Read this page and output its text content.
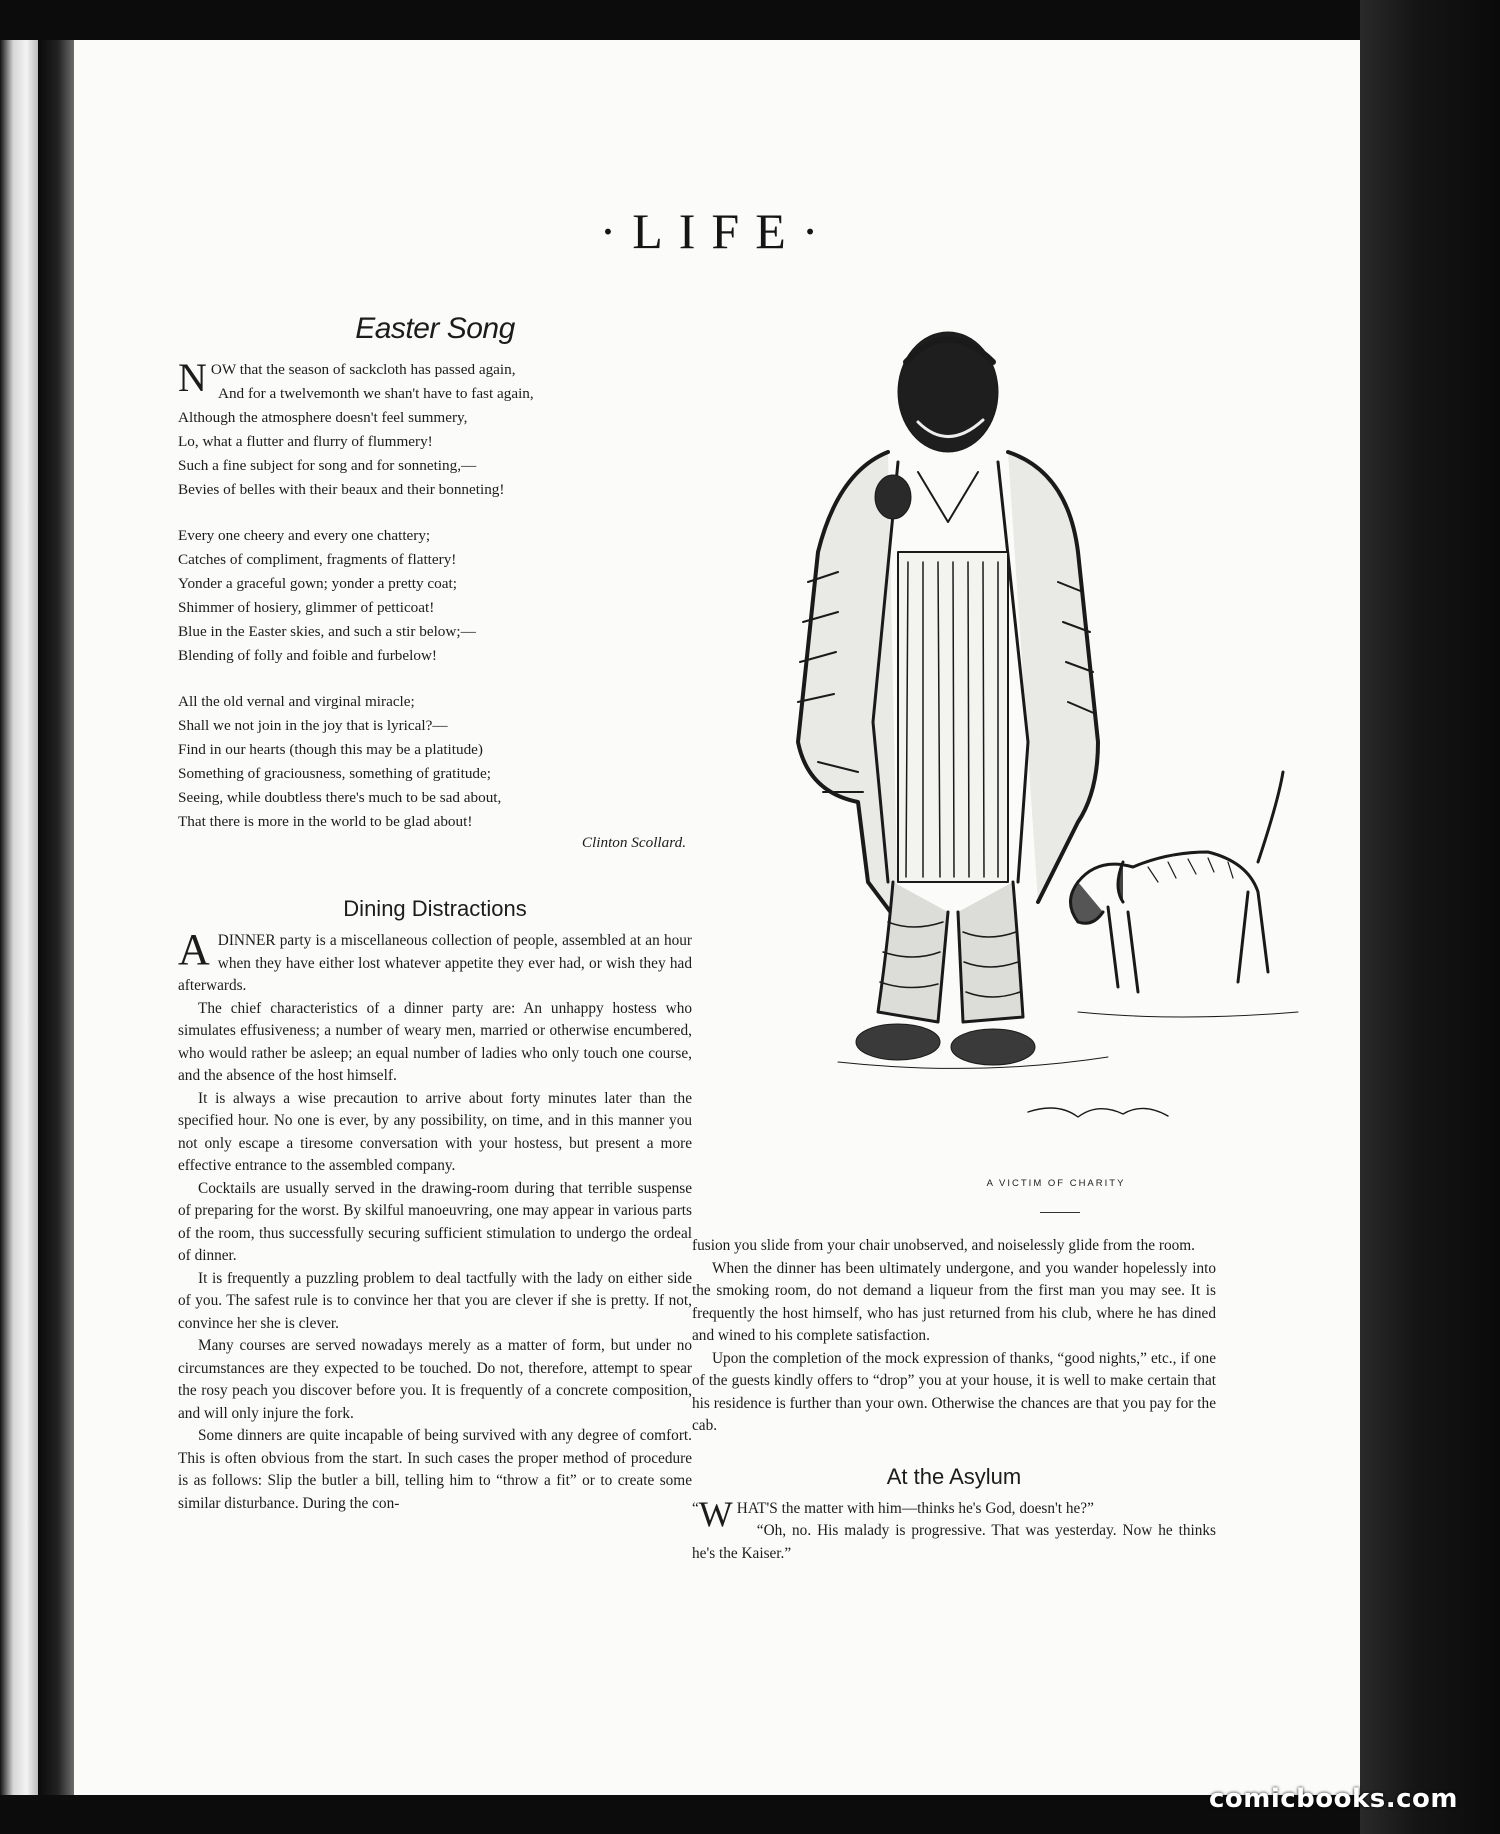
·LIFE·
Easter Song
N OW that the season of sackcloth has passed again,
And for a twelvemonth we shan't have to fast again,
Although the atmosphere doesn't feel summery,
Lo, what a flutter and flurry of flummery!
Such a fine subject for song and for sonneting,—
Bevies of belles with their beaux and their bonneting!
Every one cheery and every one chattery;
Catches of compliment, fragments of flattery!
Yonder a graceful gown; yonder a pretty coat;
Shimmer of hosiery, glimmer of petticoat!
Blue in the Easter skies, and such a stir below;—
Blending of folly and foible and furbelow!
All the old vernal and virginal miracle;
Shall we not join in the joy that is lyrical?—
Find in our hearts (though this may be a platitude)
Something of graciousness, something of gratitude;
Seeing, while doubtless there's much to be sad about,
That there is more in the world to be glad about!
Clinton Scollard.
Dining Distractions

ADINNER party is a miscellaneous collection of people, assembled at an hour when they have either lost whatever appetite they ever had, or wish they had afterwards.

The chief characteristics of a dinner party are: An unhappy hostess who simulates effusiveness; a number of weary men, married or otherwise encumbered, who would rather be asleep; an equal number of ladies who only touch one course, and the absence of the host himself.

It is always a wise precaution to arrive about forty minutes later than the specified hour. No one is ever, by any possibility, on time, and in this manner you not only escape a tiresome conversation with your hostess, but present a more effective entrance to the assembled company.

Cocktails are usually served in the drawing-room during that terrible suspense of preparing for the worst. By skilful manoeuvring, one may appear in various parts of the room, thus successfully securing sufficient stimulation to undergo the ordeal of dinner.

It is frequently a puzzling problem to deal tactfully with the lady on either side of you. The safest rule is to convince her that you are clever if she is pretty. If not, convince her she is clever.

Many courses are served nowadays merely as a matter of form, but under no circumstances are they expected to be touched. Do not, therefore, attempt to spear the rosy peach you discover before you. It is frequently of a concrete composition, and will only injure the fork.

Some dinners are quite incapable of being survived with any degree of comfort. This is often obvious from the start. In such cases the proper method of procedure is as follows: Slip the butler a bill, telling him to “throw a fit” or to create some similar disturbance. During the con-

A VICTIM OF CHARITY

fusion you slide from your chair unobserved, and noiselessly glide from the room.

When the dinner has been ultimately undergone, and you wander hopelessly into the smoking room, do not demand a liqueur from the first man you may see. It is frequently the host himself, who has just returned from his club, where he has dined and wined to his complete satisfaction.

Upon the completion of the mock expression of thanks, “good nights,” etc., if one of the guests kindly offers to “drop” you at your house, it is well to make certain that his residence is further than your own. Otherwise the chances are that you pay for the cab.

At the Asylum

“ W HAT'S the matter with him—thinks he's God, doesn't he?”

“Oh, no. His malady is progressive. That was yesterday. Now he thinks he's the Kaiser.”

comicbooks.com
